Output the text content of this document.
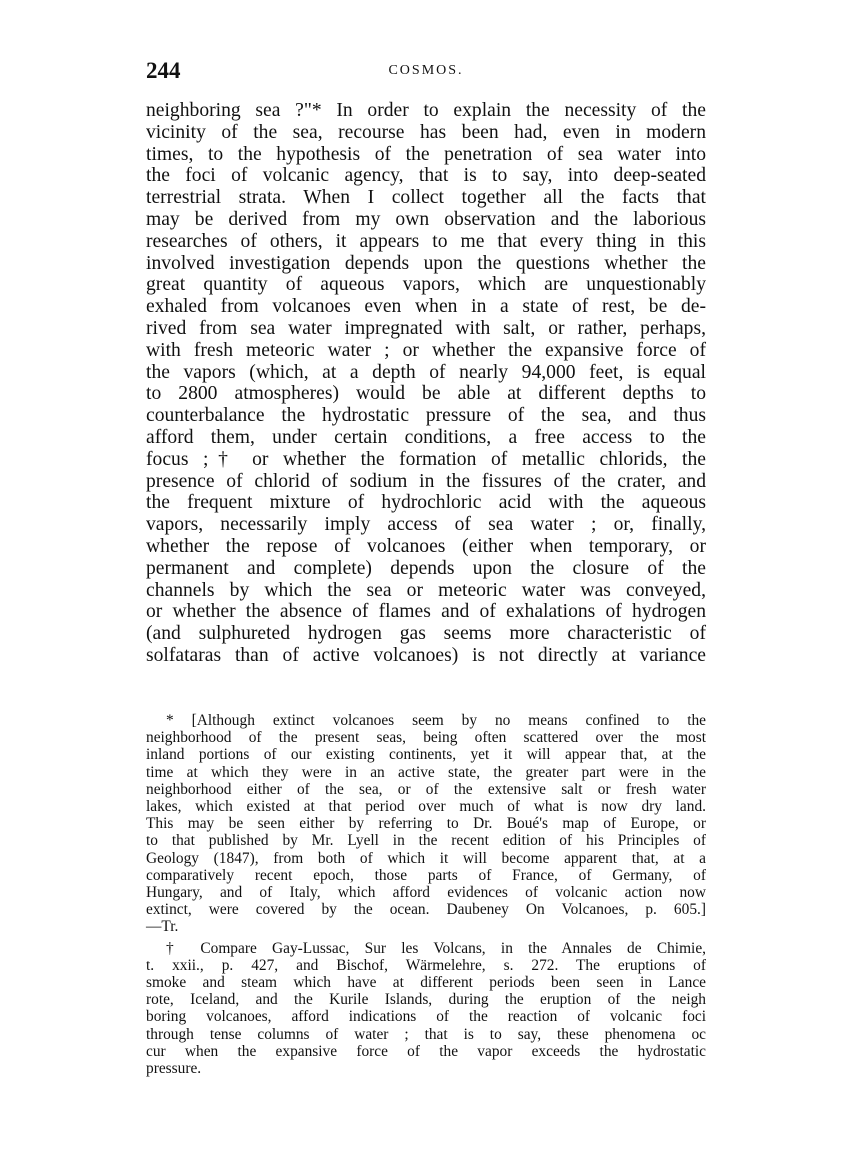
244	COSMOS.
neighboring sea ?"* In order to explain the necessity of the
vicinity of the sea, recourse has been had, even in modern
times, to the hypothesis of the penetration of sea water into
the foci of volcanic agency, that is to say, into deep-seated
terrestrial strata. When I collect together all the facts that
may be derived from my own observation and the laborious
researches of others, it appears to me that every thing in this
involved investigation depends upon the questions whether the
great quantity of aqueous vapors, which are unquestionably
exhaled from volcanoes even when in a state of rest, be de-
rived from sea water impregnated with salt, or rather, perhaps,
with fresh meteoric water ; or whether the expansive force of
the vapors (which, at a depth of nearly 94,000 feet, is equal
to 2800 atmospheres) would be able at different depths to
counterbalance the hydrostatic pressure of the sea, and thus
afford them, under certain conditions, a free access to the
focus ;† or whether the formation of metallic chlorids, the
presence of chlorid of sodium in the fissures of the crater, and
the frequent mixture of hydrochloric acid with the aqueous
vapors, necessarily imply access of sea water ; or, finally,
whether the repose of volcanoes (either when temporary, or
permanent and complete) depends upon the closure of the
channels by which the sea or meteoric water was conveyed,
or whether the absence of flames and of exhalations of hydrogen
(and sulphureted hydrogen gas seems more characteristic of
solfataras than of active volcanoes) is not directly at variance
* [Although extinct volcanoes seem by no means confined to the
neighborhood of the present seas, being often scattered over the most
inland portions of our existing continents, yet it will appear that, at the
time at which they were in an active state, the greater part were in the
neighborhood either of the sea, or of the extensive salt or fresh water
lakes, which existed at that period over much of what is now dry land.
This may be seen either by referring to Dr. Boué's map of Europe, or
to that published by Mr. Lyell in the recent edition of his Principles of
Geology (1847), from both of which it will become apparent that, at a
comparatively recent epoch, those parts of France, of Germany, of
Hungary, and of Italy, which afford evidences of volcanic action now
extinct, were covered by the ocean. Daubeney On Volcanoes, p. 605.]
—Tr.
† Compare Gay-Lussac, Sur les Volcans, in the Annales de Chimie,
t. xxii., p. 427, and Bischof, Wärmelehre, s. 272. The eruptions of
smoke and steam which have at different periods been seen in Lance
rote, Iceland, and the Kurile Islands, during the eruption of the neigh
boring volcanoes, afford indications of the reaction of volcanic foci
through tense columns of water ; that is to say, these phenomena oc
cur when the expansive force of the vapor exceeds the hydrostatic
pressure.
